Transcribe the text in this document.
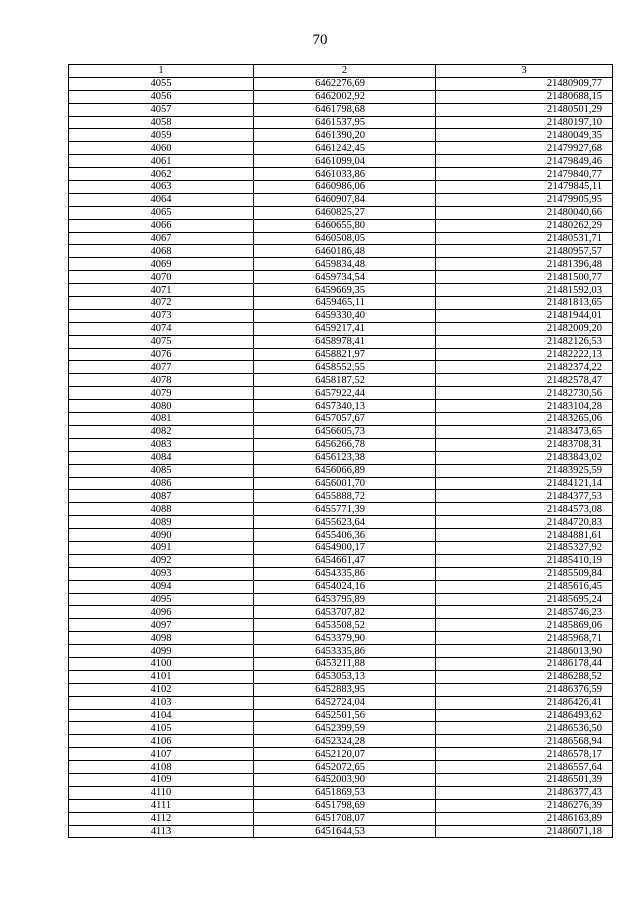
70
1	2	3
4055	6462276,69	21480909,77
4056	6462002,92	21480688,15
4057	6461798,68	21480501,29
4058	6461537,95	21480197,10
4059	6461390,20	21480049,35
4060	6461242,45	21479927,68
4061	6461099,04	21479849,46
4062	6461033,86	21479840,77
4063	6460986,06	21479845,11
4064	6460907,84	21479905,95
4065	6460825,27	21480040,66
4066	6460655,80	21480262,29
4067	6460508,05	21480531,71
4068	6460186,48	21480957,57
4069	6459834,48	21481396,48
4070	6459734,54	21481500,77
4071	6459669,35	21481592,03
4072	6459465,11	21481813,65
4073	6459330,40	21481944,01
4074	6459217,41	21482009,20
4075	6458978,41	21482126,53
4076	6458821,97	21482222,13
4077	6458552,55	21482374,22
4078	6458187,52	21482578,47
4079	6457922,44	21482730,56
4080	6457340,13	21483104,28
4081	6457057,67	21483265,06
4082	6456605,73	21483473,65
4083	6456266,78	21483708,31
4084	6456123,38	21483843,02
4085	6456066,89	21483925,59
4086	6456001,70	21484121,14
4087	6455888,72	21484377,53
4088	6455771,39	21484573,08
4089	6455623,64	21484720,83
4090	6455406,36	21484881,61
4091	6454900,17	21485327,92
4092	6454661,47	21485410,19
4093	6454335,86	21485509,84
4094	6454024,16	21485616,45
4095	6453795,89	21485695,24
4096	6453707,82	21485746,23
4097	6453508,52	21485869,06
4098	6453379,90	21485968,71
4099	6453335,86	21486013,90
4100	6453211,88	21486178,44
4101	6453053,13	21486288,52
4102	6452883,95	21486376,59
4103	6452724,04	21486426,41
4104	6452501,56	21486493,62
4105	6452399,59	21486536,50
4106	6452324,28	21486568,94
4107	6452120,07	21486578,17
4108	6452072,65	21486557,64
4109	6452003,90	21486501,39
4110	6451869,53	21486377,43
4111	6451798,69	21486276,39
4112	6451708,07	21486163,89
4113	6451644,53	21486071,18
